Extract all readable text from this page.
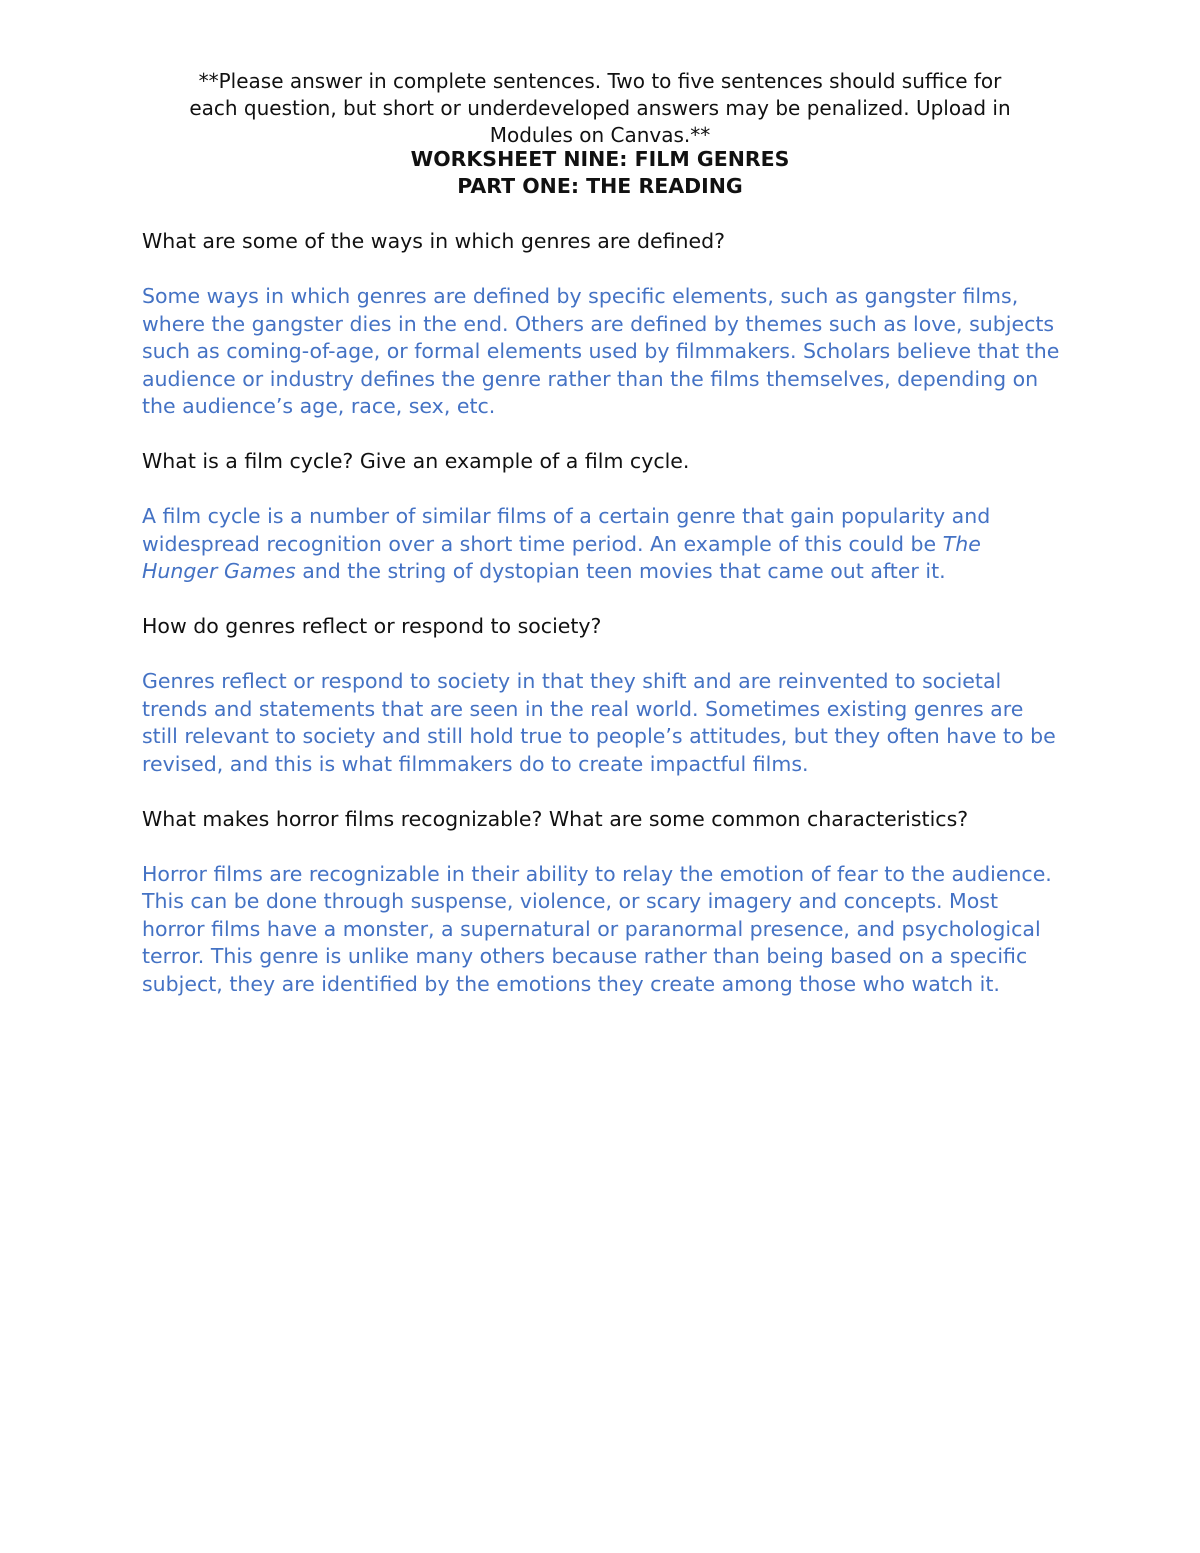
**Please answer in complete sentences. Two to five sentences should suffice for
each question, but short or underdeveloped answers may be penalized. Upload in
Modules on Canvas.**
WORKSHEET NINE: FILM GENRES
PART ONE: THE READING

What are some of the ways in which genres are defined?

Some ways in which genres are defined by specific elements, such as gangster films, where the gangster dies in the end. Others are defined by themes such as love, subjects such as coming-of-age, or formal elements used by filmmakers. Scholars believe that the audience or industry defines the genre rather than the films themselves, depending on the audience’s age, race, sex, etc.

What is a film cycle? Give an example of a film cycle.

A film cycle is a number of similar films of a certain genre that gain popularity and widespread recognition over a short time period. An example of this could be The Hunger Games and the string of dystopian teen movies that came out after it.

How do genres reflect or respond to society?

Genres reflect or respond to society in that they shift and are reinvented to societal trends and statements that are seen in the real world. Sometimes existing genres are still relevant to society and still hold true to people’s attitudes, but they often have to be revised, and this is what filmmakers do to create impactful films.

What makes horror films recognizable? What are some common characteristics?

Horror films are recognizable in their ability to relay the emotion of fear to the audience. This can be done through suspense, violence, or scary imagery and concepts. Most horror films have a monster, a supernatural or paranormal presence, and psychological terror. This genre is unlike many others because rather than being based on a specific subject, they are identified by the emotions they create among those who watch it.
